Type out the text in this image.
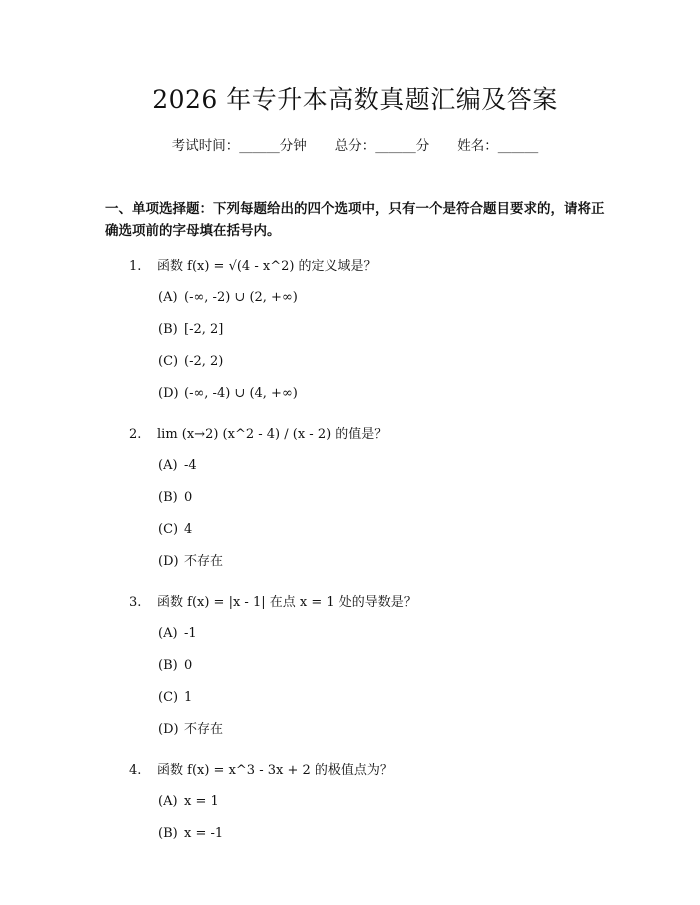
2026 年专升本高数真题汇编及答案
考试时间：______分钟 总分：______分 姓名：______
一、单项选择题：下列每题给出的四个选项中，只有一个是符合题目要求的，请将正确选项前的字母填在括号内。
1.	函数 f(x) = √(4 - x^2) 的定义域是？
(A) (-∞, -2) ∪ (2, +∞)
(B) [-2, 2]
(C) (-2, 2)
(D) (-∞, -4) ∪ (4, +∞)
2.	lim (x→2) (x^2 - 4) / (x - 2) 的值是？
(A) -4
(B) 0
(C) 4
(D) 不存在
3.	函数 f(x) = |x - 1| 在点 x = 1 处的导数是？
(A) -1
(B) 0
(C) 1
(D) 不存在
4.	函数 f(x) = x^3 - 3x + 2 的极值点为？
(A) x = 1
(B) x = -1
